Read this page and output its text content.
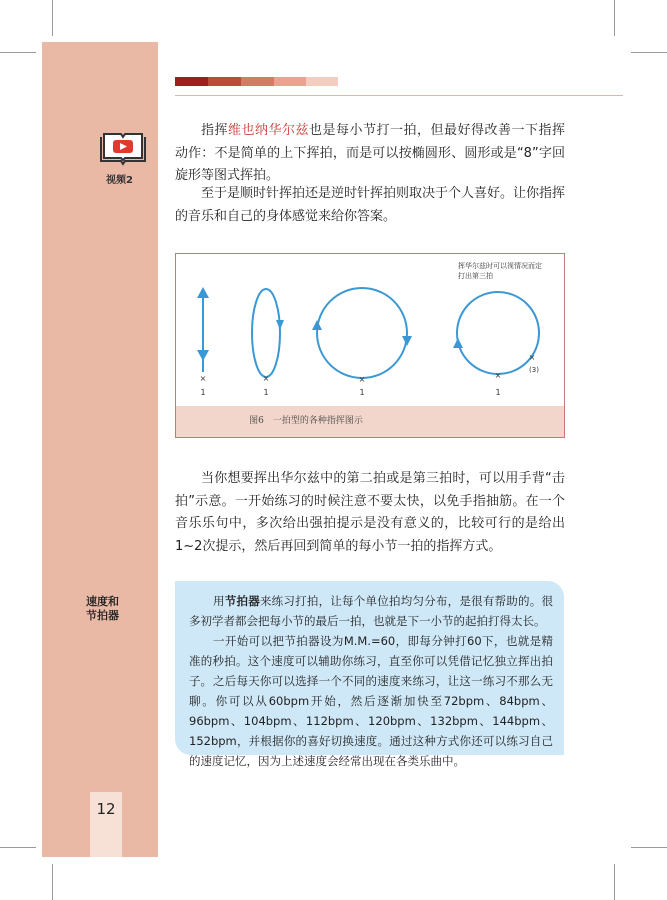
12
视频2

指挥维也纳华尔兹也是每小节打一拍，但最好得改善一下指挥动作：不是简单的上下挥拍，而是可以按椭圆形、圆形或是“8”字回旋形等图式挥拍。

至于是顺时针挥拍还是逆时针挥拍则取决于个人喜好。让你指挥的音乐和自己的身体感觉来给你答案。

×	×	×	×
×
1	1	1	1
(3)
挥华尔兹时可以视情况而定打出第三拍
图6　一拍型的各种指挥图示

当你想要挥出华尔兹中的第二拍或是第三拍时，可以用手背“击拍”示意。一开始练习的时候注意不要太快，以免手指抽筋。在一个音乐乐句中，多次给出强拍提示是没有意义的，比较可行的是给出1~2次提示，然后再回到简单的每小节一拍的指挥方式。

速度和
节拍器

用节拍器来练习打拍，让每个单位拍均匀分布，是很有帮助的。很多初学者都会把每小节的最后一拍，也就是下一小节的起拍打得太长。

一开始可以把节拍器设为M.M.=60，即每分钟打60下，也就是精准的秒拍。这个速度可以辅助你练习，直至你可以凭借记忆独立挥出拍子。 之后每天你可以选择一个不同的速度来练习，让这一练习不那么无聊。你可以从60bpm开始，然后逐渐加快至72bpm、84bpm、96bpm、104bpm、112bpm、120bpm、132bpm、144bpm、152bpm，并根据你的喜好切换速度。通过这种方式你还可以练习自己的速度记忆，因为上述速度会经常出现在各类乐曲中。
